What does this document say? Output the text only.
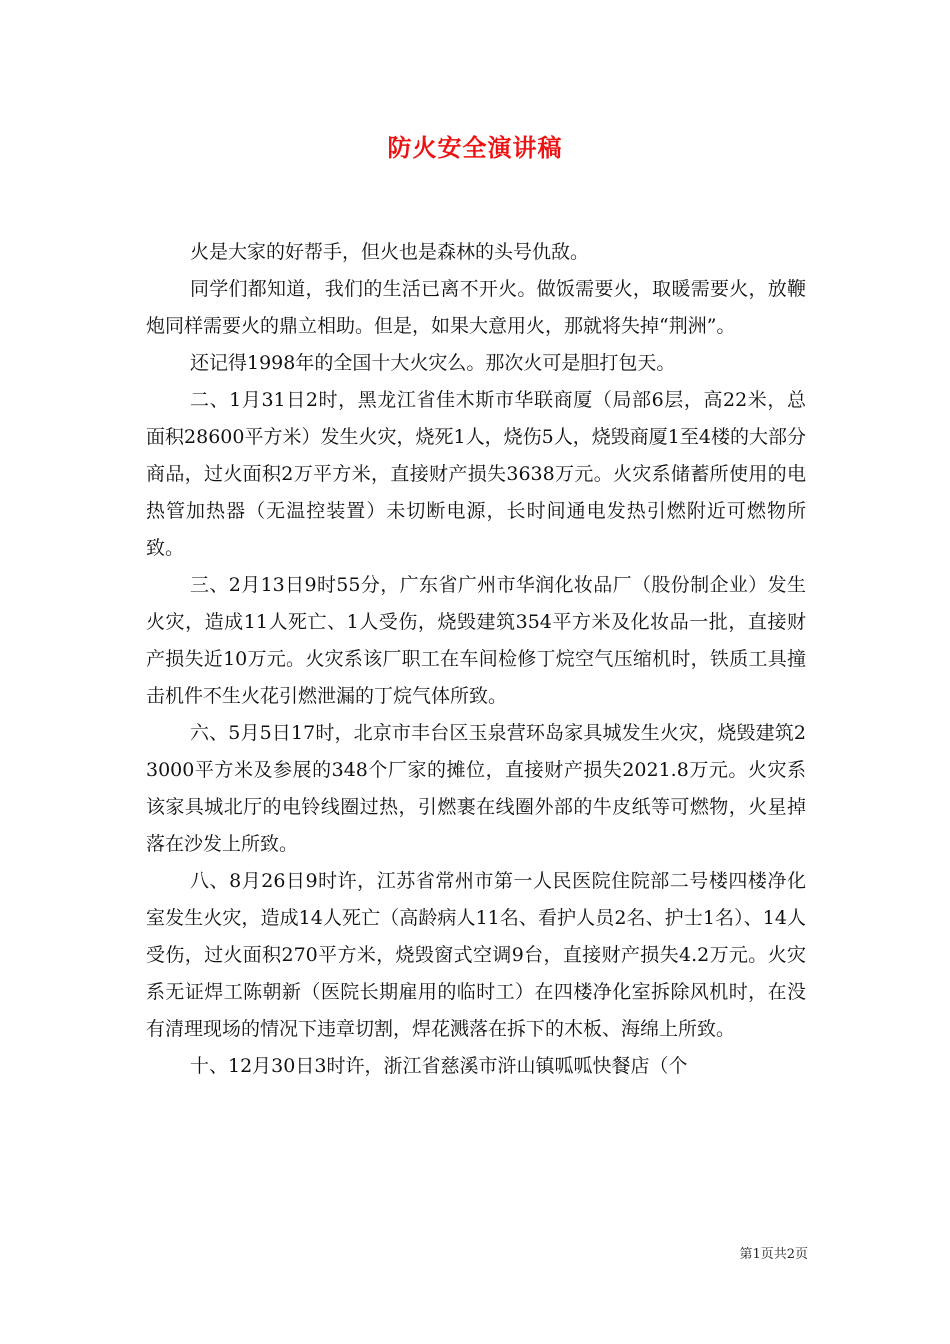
防火安全演讲稿

火是大家的好帮手，但火也是森林的头号仇敌。

同学们都知道，我们的生活已离不开火。做饭需要火，取暖需要火，放鞭炮同样需要火的鼎立相助。但是，如果大意用火，那就将失掉“荆洲”。

还记得1998年的全国十大火灾么。那次火可是胆打包天。

二、1月31日2时，黑龙江省佳木斯市华联商厦（局部6层，高22米，总面积28600平方米）发生火灾，烧死1人，烧伤5人，烧毁商厦1至4楼的大部分商品，过火面积2万平方米，直接财产损失3638万元。火灾系储蓄所使用的电热管加热器（无温控装置）未切断电源，长时间通电发热引燃附近可燃物所致。

三、2月13日9时55分，广东省广州市华润化妆品厂（股份制企业）发生火灾，造成11人死亡、1人受伤，烧毁建筑354平方米及化妆品一批，直接财产损失近10万元。火灾系该厂职工在车间检修丁烷空气压缩机时，铁质工具撞击机件不生火花引燃泄漏的丁烷气体所致。

六、5月5日17时，北京市丰台区玉泉营环岛家具城发生火灾，烧毁建筑23000平方米及参展的348个厂家的摊位，直接财产损失2021.8万元。火灾系该家具城北厅的电铃线圈过热，引燃裹在线圈外部的牛皮纸等可燃物，火星掉落在沙发上所致。

八、8月26日9时许，江苏省常州市第一人民医院住院部二号楼四楼净化室发生火灾，造成14人死亡（高龄病人11名、看护人员2名、护士1名）、14人受伤，过火面积270平方米，烧毁窗式空调9台，直接财产损失4.2万元。火灾系无证焊工陈朝新（医院长期雇用的临时工）在四楼净化室拆除风机时，在没有清理现场的情况下违章切割，焊花溅落在拆下的木板、海绵上所致。

十、12月30日3时许，浙江省慈溪市浒山镇呱呱快餐店（个

第1页共2页
